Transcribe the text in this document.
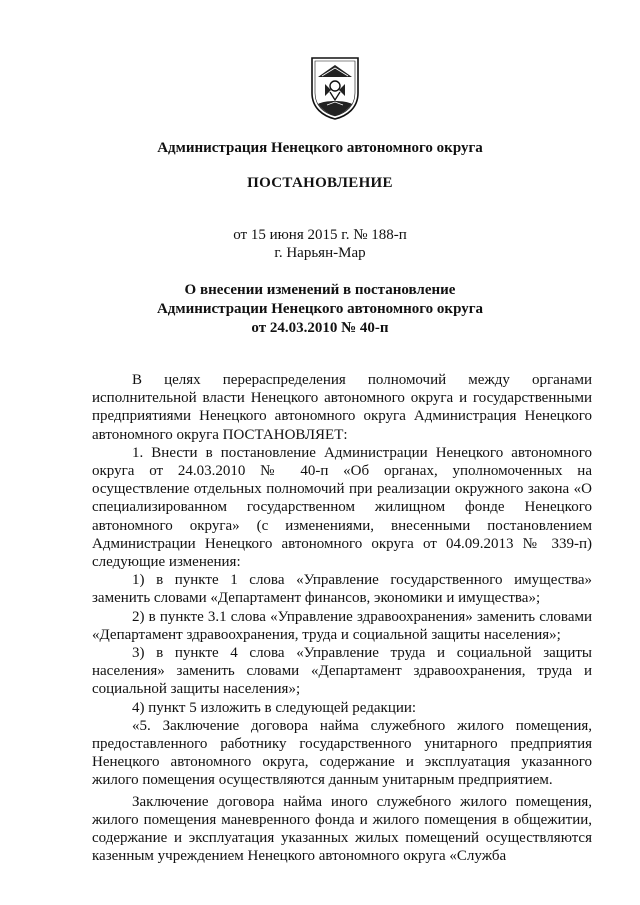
Администрация Ненецкого автономного округа
ПОСТАНОВЛЕНИЕ
от 15 июня 2015 г. № 188-п
г. Нарьян-Мар
О внесении изменений в постановление
Администрации Ненецкого автономного округа
от 24.03.2010 № 40-п

В целях перераспределения полномочий между органами исполнительной власти Ненецкого автономного округа и государственными предприятиями Ненецкого автономного округа Администрация Ненецкого автономного округа ПОСТАНОВЛЯЕТ:

1. Внести в постановление Администрации Ненецкого автономного округа от 24.03.2010 № 40-п «Об органах, уполномоченных на осуществление отдельных полномочий при реализации окружного закона «О специализированном государственном жилищном фонде Ненецкого автономного округа» (с изменениями, внесенными постановлением Администрации Ненецкого автономного округа от 04.09.2013 № 339-п) следующие изменения:

1) в пункте 1 слова «Управление государственного имущества» заменить словами «Департамент финансов, экономики и имущества»;

2) в пункте 3.1 слова «Управление здравоохранения» заменить словами «Департамент здравоохранения, труда и социальной защиты населения»;

3) в пункте 4 слова «Управление труда и социальной защиты населения» заменить словами «Департамент здравоохранения, труда и социальной защиты населения»;

4) пункт 5 изложить в следующей редакции:

«5. Заключение договора найма служебного жилого помещения, предоставленного работнику государственного унитарного предприятия Ненецкого автономного округа, содержание и эксплуатация указанного жилого помещения осуществляются данным унитарным предприятием.

Заключение договора найма иного служебного жилого помещения, жилого помещения маневренного фонда и жилого помещения в общежитии, содержание и эксплуатация указанных жилых помещений осуществляются казенным учреждением Ненецкого автономного округа «Служба
